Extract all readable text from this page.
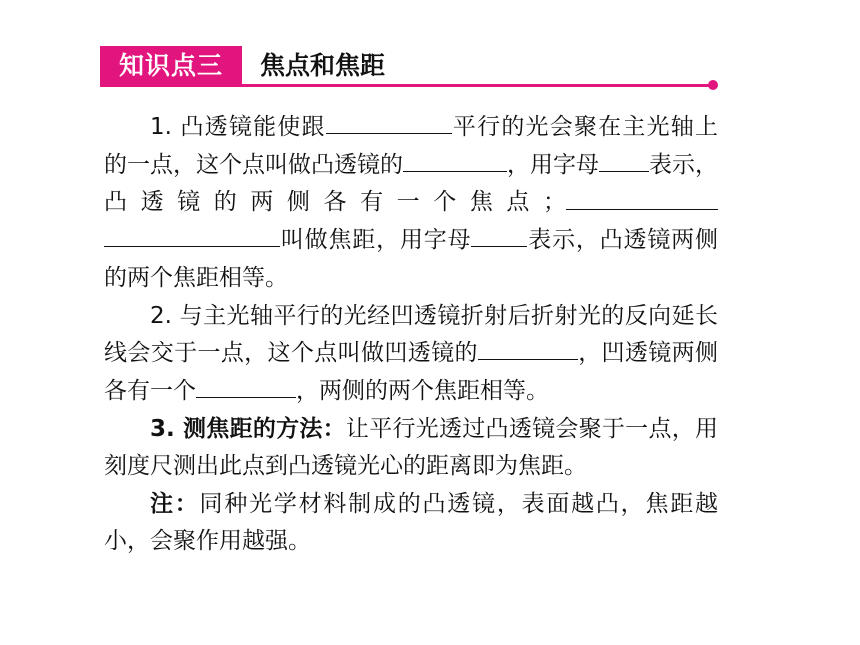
知识点三	焦点和焦距

1. 凸透镜能使跟	平行的光会聚在主光轴上的一点，这个点叫做凸透镜的	，用字母 表示，凸透镜的两侧各有一个焦点；叫做焦距，用字母 表示，凸透镜两侧的两个焦距相等。

2. 与主光轴平行的光经凹透镜折射后折射光的反向延长线会交于一点，这个点叫做凹透镜的	，凹透镜两侧各有一个	，两侧的两个焦距相等。

3. 测焦距的方法：让平行光透过凸透镜会聚于一点，用刻度尺测出此点到凸透镜光心的距离即为焦距。

注：同种光学材料制成的凸透镜，表面越凸，焦距越小，会聚作用越强。
